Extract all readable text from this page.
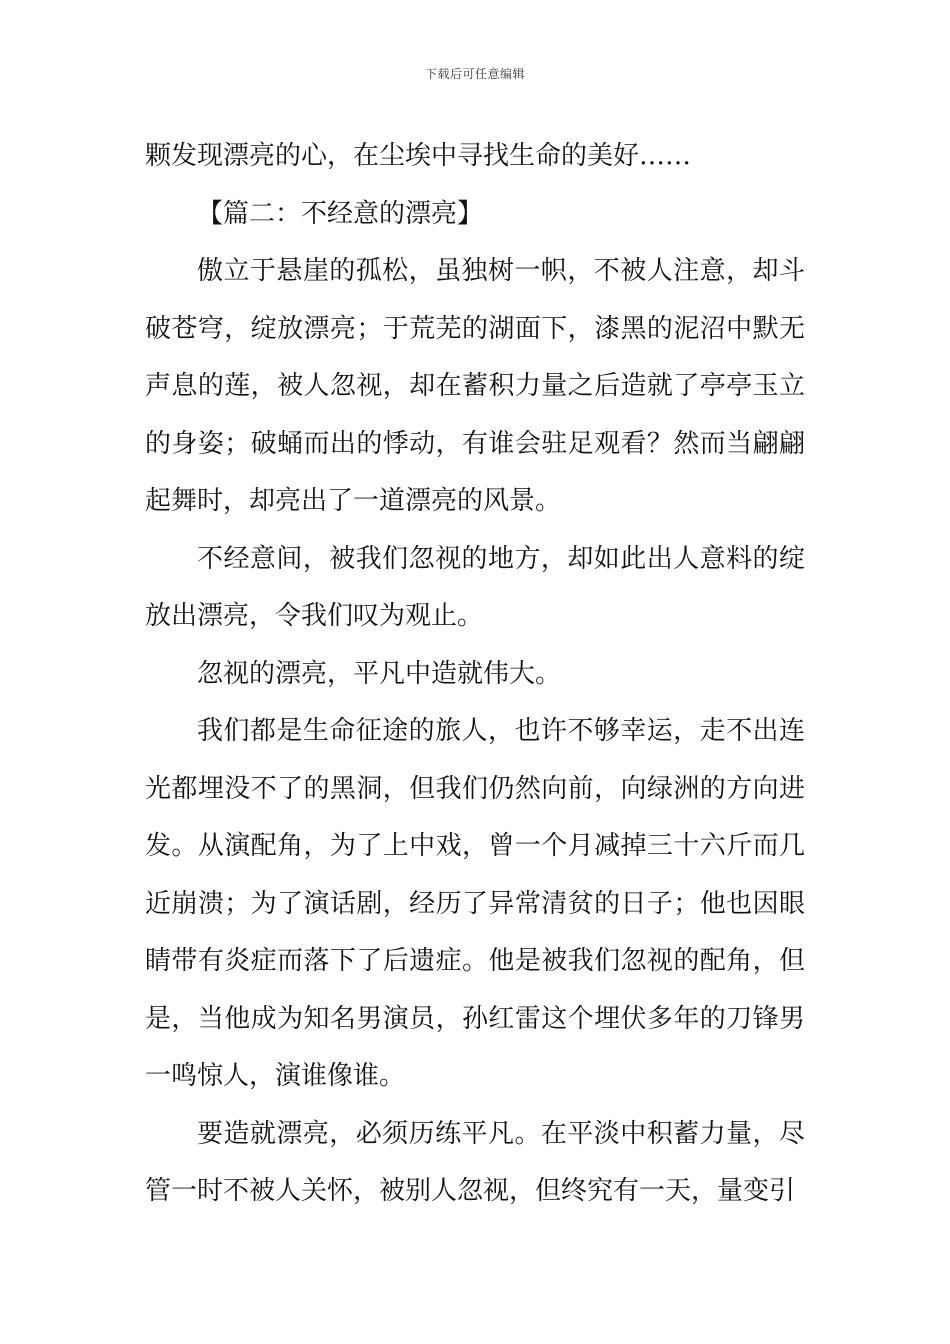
下载后可任意编辑

颗发现漂亮的心，在尘埃中寻找生命的美好……

【篇二：不经意的漂亮】

傲立于悬崖的孤松，虽独树一帜，不被人注意，却斗破苍穹，绽放漂亮；于荒芜的湖面下，漆黑的泥沼中默无声息的莲，被人忽视，却在蓄积力量之后造就了亭亭玉立的身姿；破蛹而出的悸动，有谁会驻足观看？然而当翩翩起舞时，却亮出了一道漂亮的风景。

不经意间，被我们忽视的地方，却如此出人意料的绽放出漂亮，令我们叹为观止。

忽视的漂亮，平凡中造就伟大。

我们都是生命征途的旅人，也许不够幸运，走不出连光都埋没不了的黑洞，但我们仍然向前，向绿洲的方向进发。从演配角，为了上中戏，曾一个月减掉三十六斤而几近崩溃；为了演话剧，经历了异常清贫的日子；他也因眼睛带有炎症而落下了后遗症。他是被我们忽视的配角，但是，当他成为知名男演员，孙红雷这个埋伏多年的刀锋男一鸣惊人，演谁像谁。

要造就漂亮，必须历练平凡。在平淡中积蓄力量，尽管一时不被人关怀，被别人忽视，但终究有一天，量变引
